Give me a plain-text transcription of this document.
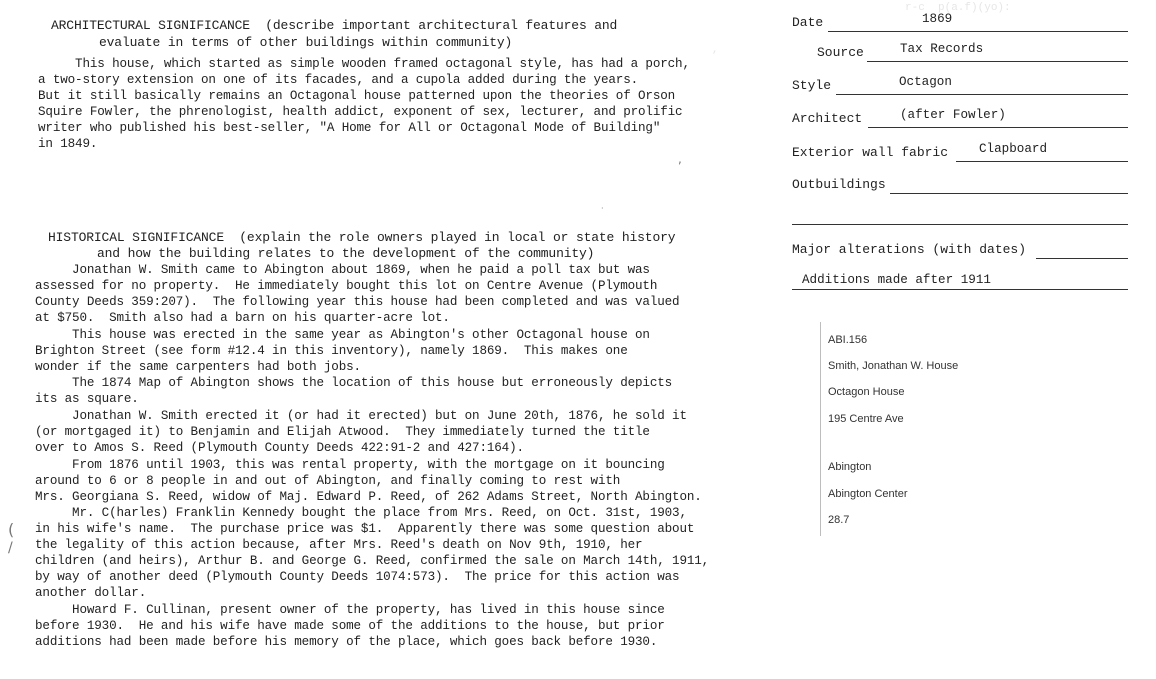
r-c  p(a.f)(yo):
,

ARCHITECTURAL SIGNIFICANCE  (describe important architectural features and
evaluate in terms of other buildings within community)
This house, which started as simple wooden framed octagonal style, has had a porch,
a two-story extension on one of its facades, and a cupola added during the years.
But it still basically remains an Octagonal house patterned upon the theories of Orson
Squire Fowler, the phrenologist, health addict, exponent of sex, lecturer, and prolific
writer who published his best-seller, "A Home for All or Octagonal Mode of Building"
in 1849.
HISTORICAL SIGNIFICANCE  (explain the role owners played in local or state history
and how the building relates to the development of the community)
Jonathan W. Smith came to Abington about 1869, when he paid a poll tax but was
assessed for no property.  He immediately bought this lot on Centre Avenue (Plymouth
County Deeds 359:207).  The following year this house had been completed and was valued
at $750.  Smith also had a barn on his quarter-acre lot.
This house was erected in the same year as Abington's other Octagonal house on
Brighton Street (see form #12.4 in this inventory), namely 1869.  This makes one
wonder if the same carpenters had both jobs.
The 1874 Map of Abington shows the location of this house but erroneously depicts
its as square.
Jonathan W. Smith erected it (or had it erected) but on June 20th, 1876, he sold it
(or mortgaged it) to Benjamin and Elijah Atwood.  They immediately turned the title
over to Amos S. Reed (Plymouth County Deeds 422:91-2 and 427:164).
From 1876 until 1903, this was rental property, with the mortgage on it bouncing
around to 6 or 8 people in and out of Abington, and finally coming to rest with
Mrs. Georgiana S. Reed, widow of Maj. Edward P. Reed, of 262 Adams Street, North Abington.
Mr. C(harles) Franklin Kennedy bought the place from Mrs. Reed, on Oct. 31st, 1903,
in his wife's name.  The purchase price was $1.  Apparently there was some question about
the legality of this action because, after Mrs. Reed's death on Nov 9th, 1910, her
children (and heirs), Arthur B. and George G. Reed, confirmed the sale on March 14th, 1911,
by way of another deed (Plymouth County Deeds 1074:573).  The price for this action was
another dollar.
Howard F. Cullinan, present owner of the property, has lived in this house since
before 1930.  He and his wife have made some of the additions to the house, but prior
additions had been made before his memory of the place, which goes back before 1930.
Date	1869
Source	Tax Records
Style	Octagon
Architect	(after Fowler)
Exterior wall fabric Clapboard
Outbuildings
Major alterations (with dates)
Additions made after 1911
ABI.156
Smith, Jonathan W. House
Octagon House
195 Centre Ave
Abington
Abington Center
28.7
,
·
(
/
